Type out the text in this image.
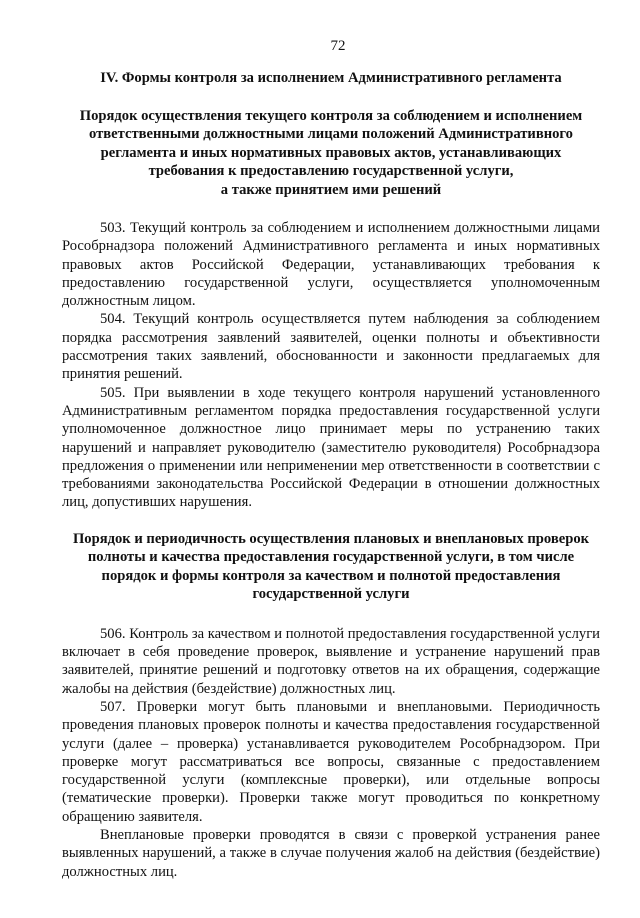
72
IV. Формы контроля за исполнением Административного регламента
Порядок осуществления текущего контроля за соблюдением и исполнением
ответственными должностными лицами положений Административного
регламента и иных нормативных правовых актов, устанавливающих
требования к предоставлению государственной услуги,
а также принятием ими решений

503. Текущий контроль за соблюдением и исполнением должностными лицами Рособрнадзора положений Административного регламента и иных нормативных правовых актов Российской Федерации, устанавливающих требования к предоставлению государственной услуги, осуществляется уполномоченным должностным лицом.

504. Текущий контроль осуществляется путем наблюдения за соблюдением порядка рассмотрения заявлений заявителей, оценки полноты и объективности рассмотрения таких заявлений, обоснованности и законности предлагаемых для принятия решений.

505. При выявлении в ходе текущего контроля нарушений установленного Административным регламентом порядка предоставления государственной услуги уполномоченное должностное лицо принимает меры по устранению таких нарушений и направляет руководителю (заместителю руководителя) Рособрнадзора предложения о применении или неприменении мер ответственности в соответствии с требованиями законодательства Российской Федерации в отношении должностных лиц, допустивших нарушения.

Порядок и периодичность осуществления плановых и внеплановых проверок
полноты и качества предоставления государственной услуги, в том числе
порядок и формы контроля за качеством и полнотой предоставления
государственной услуги

506. Контроль за качеством и полнотой предоставления государственной услуги включает в себя проведение проверок, выявление и устранение нарушений прав заявителей, принятие решений и подготовку ответов на их обращения, содержащие жалобы на действия (бездействие) должностных лиц.

507. Проверки могут быть плановыми и внеплановыми. Периодичность проведения плановых проверок полноты и качества предоставления государственной услуги (далее – проверка) устанавливается руководителем Рособрнадзором. При проверке могут рассматриваться все вопросы, связанные с предоставлением государственной услуги (комплексные проверки), или отдельные вопросы (тематические проверки). Проверки также могут проводиться по конкретному обращению заявителя.

Внеплановые проверки проводятся в связи с проверкой устранения ранее выявленных нарушений, а также в случае получения жалоб на действия (бездействие) должностных лиц.
